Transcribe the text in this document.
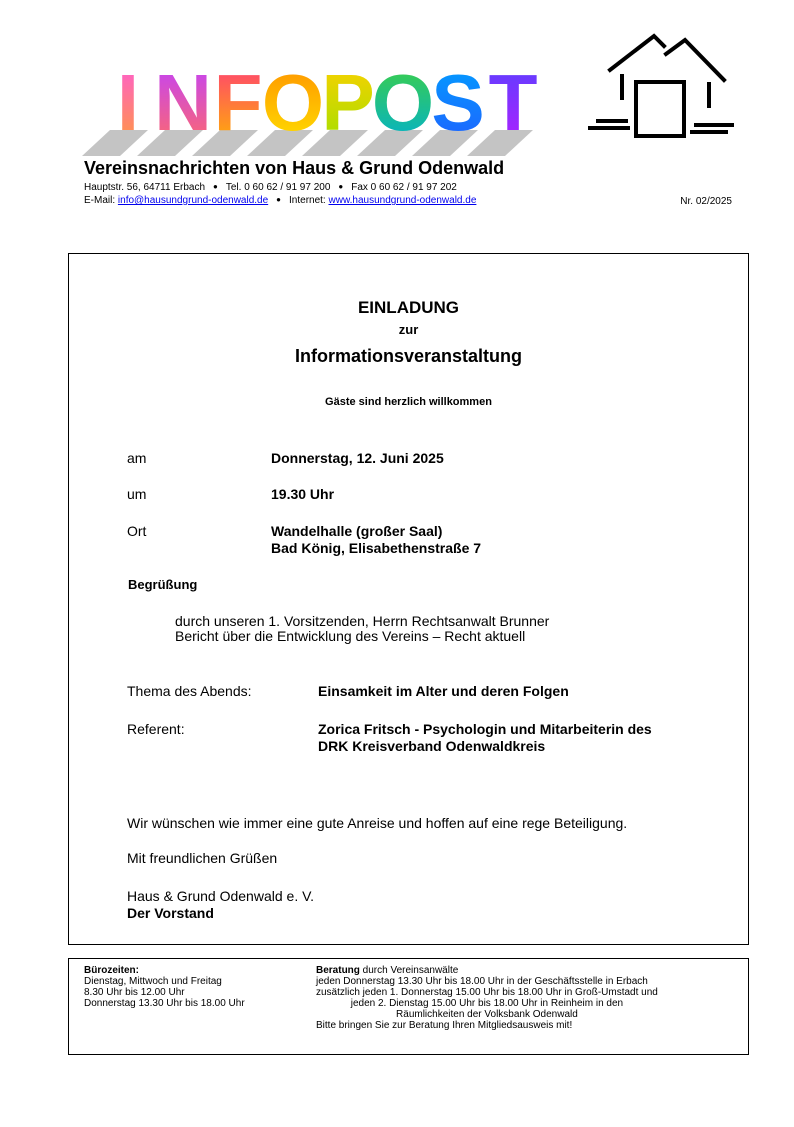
I N F O
P
O
S T
Vereinsnachrichten von Haus & Grund Odenwald
Hauptstr. 56, 64711 Erbach ● Tel. 0 60 62 / 91 97 200 ● Fax 0 60 62 / 91 97 202
E-Mail: info@hausundgrund-odenwald.de ● Internet: www.hausundgrund-odenwald.de	Nr. 02/2025
EINLADUNG
zur
Informationsveranstaltung
Gäste sind herzlich willkommen
am	Donnerstag, 12. Juni 2025
um	19.30 Uhr
Ort	Wandelhalle (großer Saal)
Bad König, Elisabethenstraße 7
Begrüßung
durch unseren 1. Vorsitzenden, Herrn Rechtsanwalt Brunner
Bericht über die Entwicklung des Vereins – Recht aktuell
Thema des Abends:	Einsamkeit im Alter und deren Folgen
Referent:	Zorica Fritsch - Psychologin und Mitarbeiterin des
DRK Kreisverband Odenwaldkreis
Wir wünschen wie immer eine gute Anreise und hoffen auf eine rege Beteiligung.
Mit freundlichen Grüßen
Haus & Grund Odenwald e. V.
Der Vorstand
Bürozeiten:
Dienstag, Mittwoch und Freitag
8.30 Uhr bis 12.00 Uhr
Donnerstag 13.30 Uhr bis 18.00 Uhr
Beratung durch Vereinsanwälte
jeden Donnerstag 13.30 Uhr bis 18.00 Uhr in der Geschäftsstelle in Erbach
zusätzlich jeden 1. Donnerstag 15.00 Uhr bis 18.00 Uhr in Groß-Umstadt und
jeden 2. Dienstag 15.00 Uhr bis 18.00 Uhr in Reinheim in den
Räumlichkeiten der Volksbank Odenwald
Bitte bringen Sie zur Beratung Ihren Mitgliedsausweis mit!
